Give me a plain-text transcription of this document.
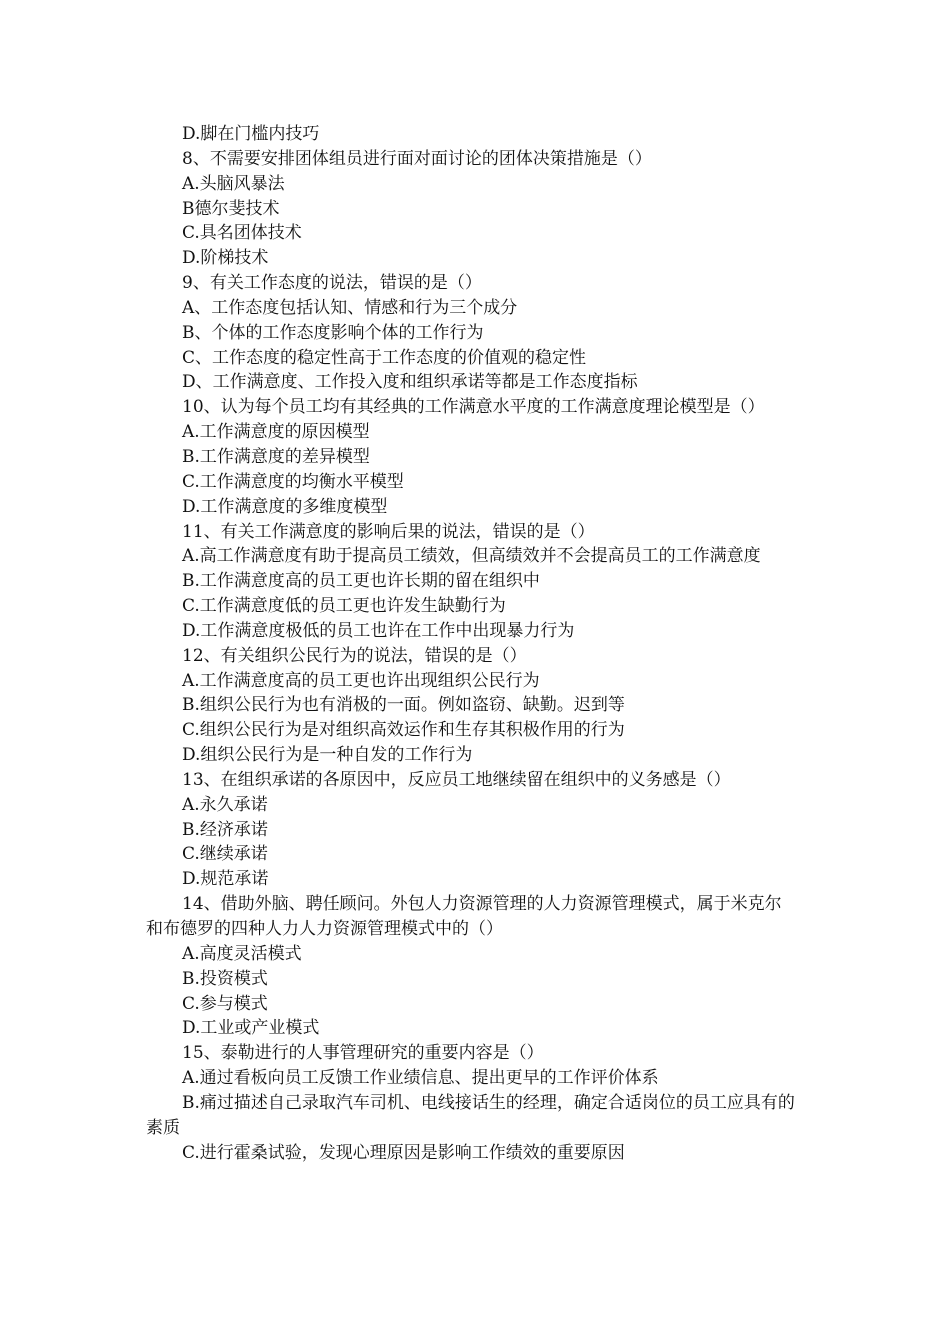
D.脚在门槛内技巧

8、不需要安排团体组员进行面对面讨论的团体决策措施是（）

A.头脑风暴法

B德尔斐技术

C.具名团体技术

D.阶梯技术

9、有关工作态度的说法，错误的是（）

A、工作态度包括认知、情感和行为三个成分

B、个体的工作态度影响个体的工作行为

C、工作态度的稳定性高于工作态度的价值观的稳定性

D、工作满意度、工作投入度和组织承诺等都是工作态度指标

10、认为每个员工均有其经典的工作满意水平度的工作满意度理论模型是（）

A.工作满意度的原因模型

B.工作满意度的差异模型

C.工作满意度的均衡水平模型

D.工作满意度的多维度模型

11、有关工作满意度的影响后果的说法，错误的是（）

A.高工作满意度有助于提高员工绩效，但高绩效并不会提高员工的工作满意度

B.工作满意度高的员工更也许长期的留在组织中

C.工作满意度低的员工更也许发生缺勤行为

D.工作满意度极低的员工也许在工作中出现暴力行为

12、有关组织公民行为的说法，错误的是（）

A.工作满意度高的员工更也许出现组织公民行为

B.组织公民行为也有消极的一面。例如盗窃、缺勤。迟到等

C.组织公民行为是对组织高效运作和生存其积极作用的行为

D.组织公民行为是一种自发的工作行为

13、在组织承诺的各原因中，反应员工地继续留在组织中的义务感是（）

A.永久承诺

B.经济承诺

C.继续承诺

D.规范承诺

14、借助外脑、聘任顾问。外包人力资源管理的人力资源管理模式，属于米克尔和布德罗的四种人力人力资源管理模式中的（）

A.高度灵活模式

B.投资模式

C.参与模式

D.工业或产业模式

15、泰勒进行的人事管理研究的重要内容是（）

A.通过看板向员工反馈工作业绩信息、提出更早的工作评价体系

B.痛过描述自己录取汽车司机、电线接话生的经理，确定合适岗位的员工应具有的素质

C.进行霍桑试验，发现心理原因是影响工作绩效的重要原因
